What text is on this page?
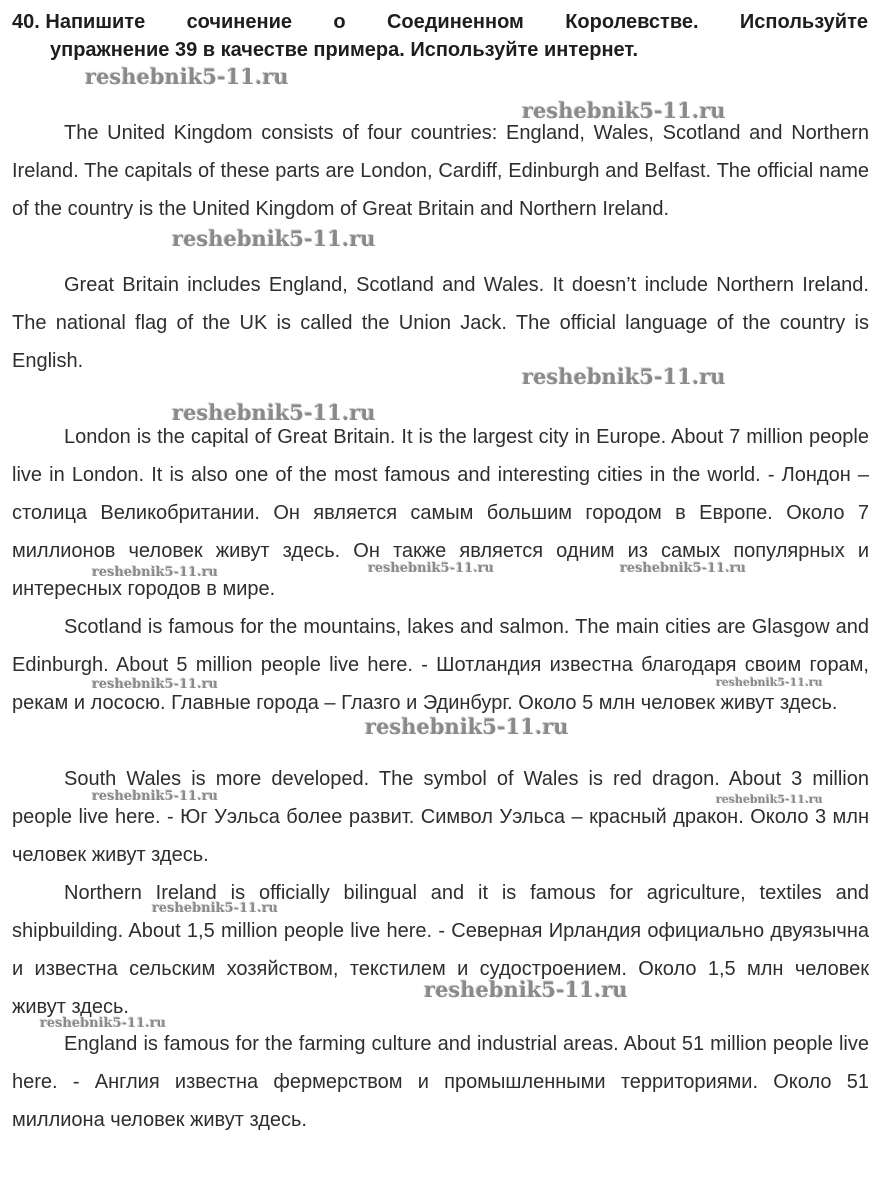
40. Напишите сочинение о Соединенном Королевстве. Используйте
упражнение 39 в качестве примера. Используйте интернет.

The United Kingdom consists of four countries: England, Wales, Scotland and Northern Ireland. The capitals of these parts are London, Cardiff, Edinburgh and Belfast. The official name of the country is the United Kingdom of Great Britain and Northern Ireland.

Great Britain includes England, Scotland and Wales. It doesn’t include Northern Ireland. The national flag of the UK is called the Union Jack. The official language of the country is English.

London is the capital of Great Britain. It is the largest city in Europe. About 7 million people live in London. It is also one of the most famous and interesting cities in the world. - Лондон – столица Великобритании. Он является самым большим городом в Европе. Около 7 миллионов человек живут здесь. Он также является одним из самых популярных и интересных городов в мире.

Scotland is famous for the mountains, lakes and salmon. The main cities are Glasgow and Edinburgh. About 5 million people live here. - Шотландия известна благодаря своим горам, рекам и лососю. Главные города – Глазго и Эдинбург. Около 5 млн человек живут здесь.

South Wales is more developed. The symbol of Wales is red dragon. About 3 million people live here. - Юг Уэльса более развит. Символ Уэльса – красный дракон. Около 3 млн человек живут здесь.

Northern Ireland is officially bilingual and it is famous for agriculture, textiles and shipbuilding. About 1,5 million people live here. - Северная Ирландия официально двуязычна и известна сельским хозяйством, текстилем и судостроением. Около 1,5 млн человек живут здесь.

England is famous for the farming culture and industrial areas. About 51 million people live here. - Англия известна фермерством и промышленными территориями. Около 51 миллиона человек живут здесь.

reshebnik5-11.ru
reshebnik5-11.ru
reshebnik5-11.ru
reshebnik5-11.ru
reshebnik5-11.ru
reshebnik5-11.ru	reshebnik5-11.ru	reshebnik5-11.ru
reshebnik5-11.ru	reshebnik5-11.ru
reshebnik5-11.ru
reshebnik5-11.ru	reshebnik5-11.ru
reshebnik5-11.ru
reshebnik5-11.ru
reshebnik5-11.ru
